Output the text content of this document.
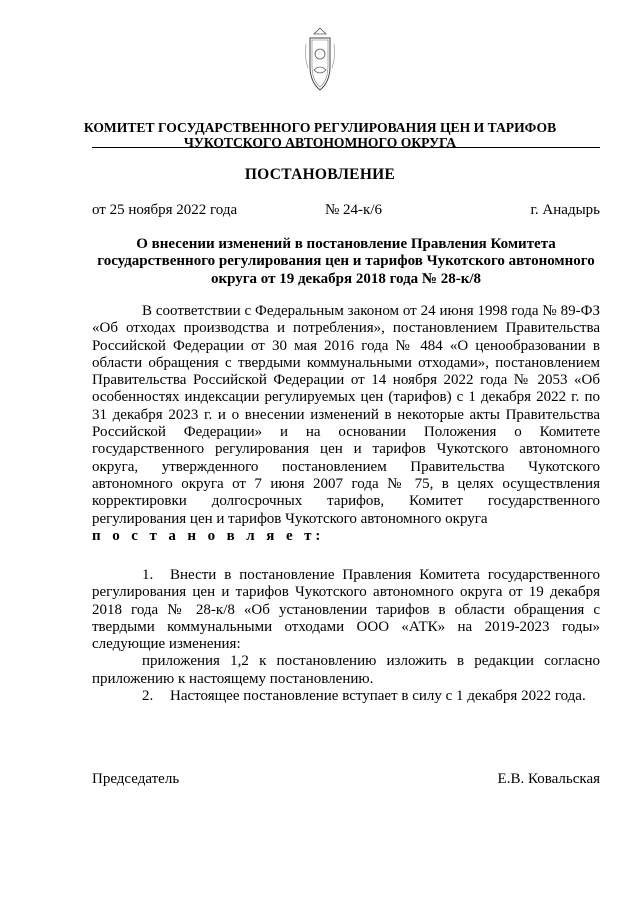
КОМИТЕТ ГОСУДАРСТВЕННОГО РЕГУЛИРОВАНИЯ ЦЕН И ТАРИФОВ
ЧУКОТСКОГО АВТОНОМНОГО ОКРУГА
ПОСТАНОВЛЕНИЕ
от 25 ноября 2022 года	№ 24-к/6	г. Анадырь
О внесении изменений в постановление Правления Комитета государственного регулирования цен и тарифов Чукотского автономного округа от 19 декабря 2018 года № 28-к/8

В соответствии с Федеральным законом от 24 июня 1998 года № 89-ФЗ «Об отходах производства и потребления», постановлением Правительства Российской Федерации от 30 мая 2016 года № 484 «О ценообразовании в области обращения с твердыми коммунальными отходами», постановлением Правительства Российской Федерации от 14 ноября 2022 года № 2053 «Об особенностях индексации регулируемых цен (тарифов) с 1 декабря 2022 г. по 31 декабря 2023 г. и о внесении изменений в некоторые акты Правительства Российской Федерации» и на основании Положения о Комитете государственного регулирования цен и тарифов Чукотского автономного округа, утвержденного постановлением Правительства Чукотского автономного округа от 7 июня 2007 года № 75, в целях осуществления корректировки долгосрочных тарифов, Комитет государственного регулирования цен и тарифов Чукотского автономного округа

п о с т а н о в л я е т:

1. Внести в постановление Правления Комитета государственного регулирования цен и тарифов Чукотского автономного округа от 19 декабря 2018 года № 28-к/8 «Об установлении тарифов в области обращения с твердыми коммунальными отходами ООО «АТК» на 2019-2023 годы» следующие изменения:

приложения 1,2 к постановлению изложить в редакции согласно приложению к настоящему постановлению.

2. Настоящее постановление вступает в силу с 1 декабря 2022 года.

Председатель	Е.В. Ковальская
